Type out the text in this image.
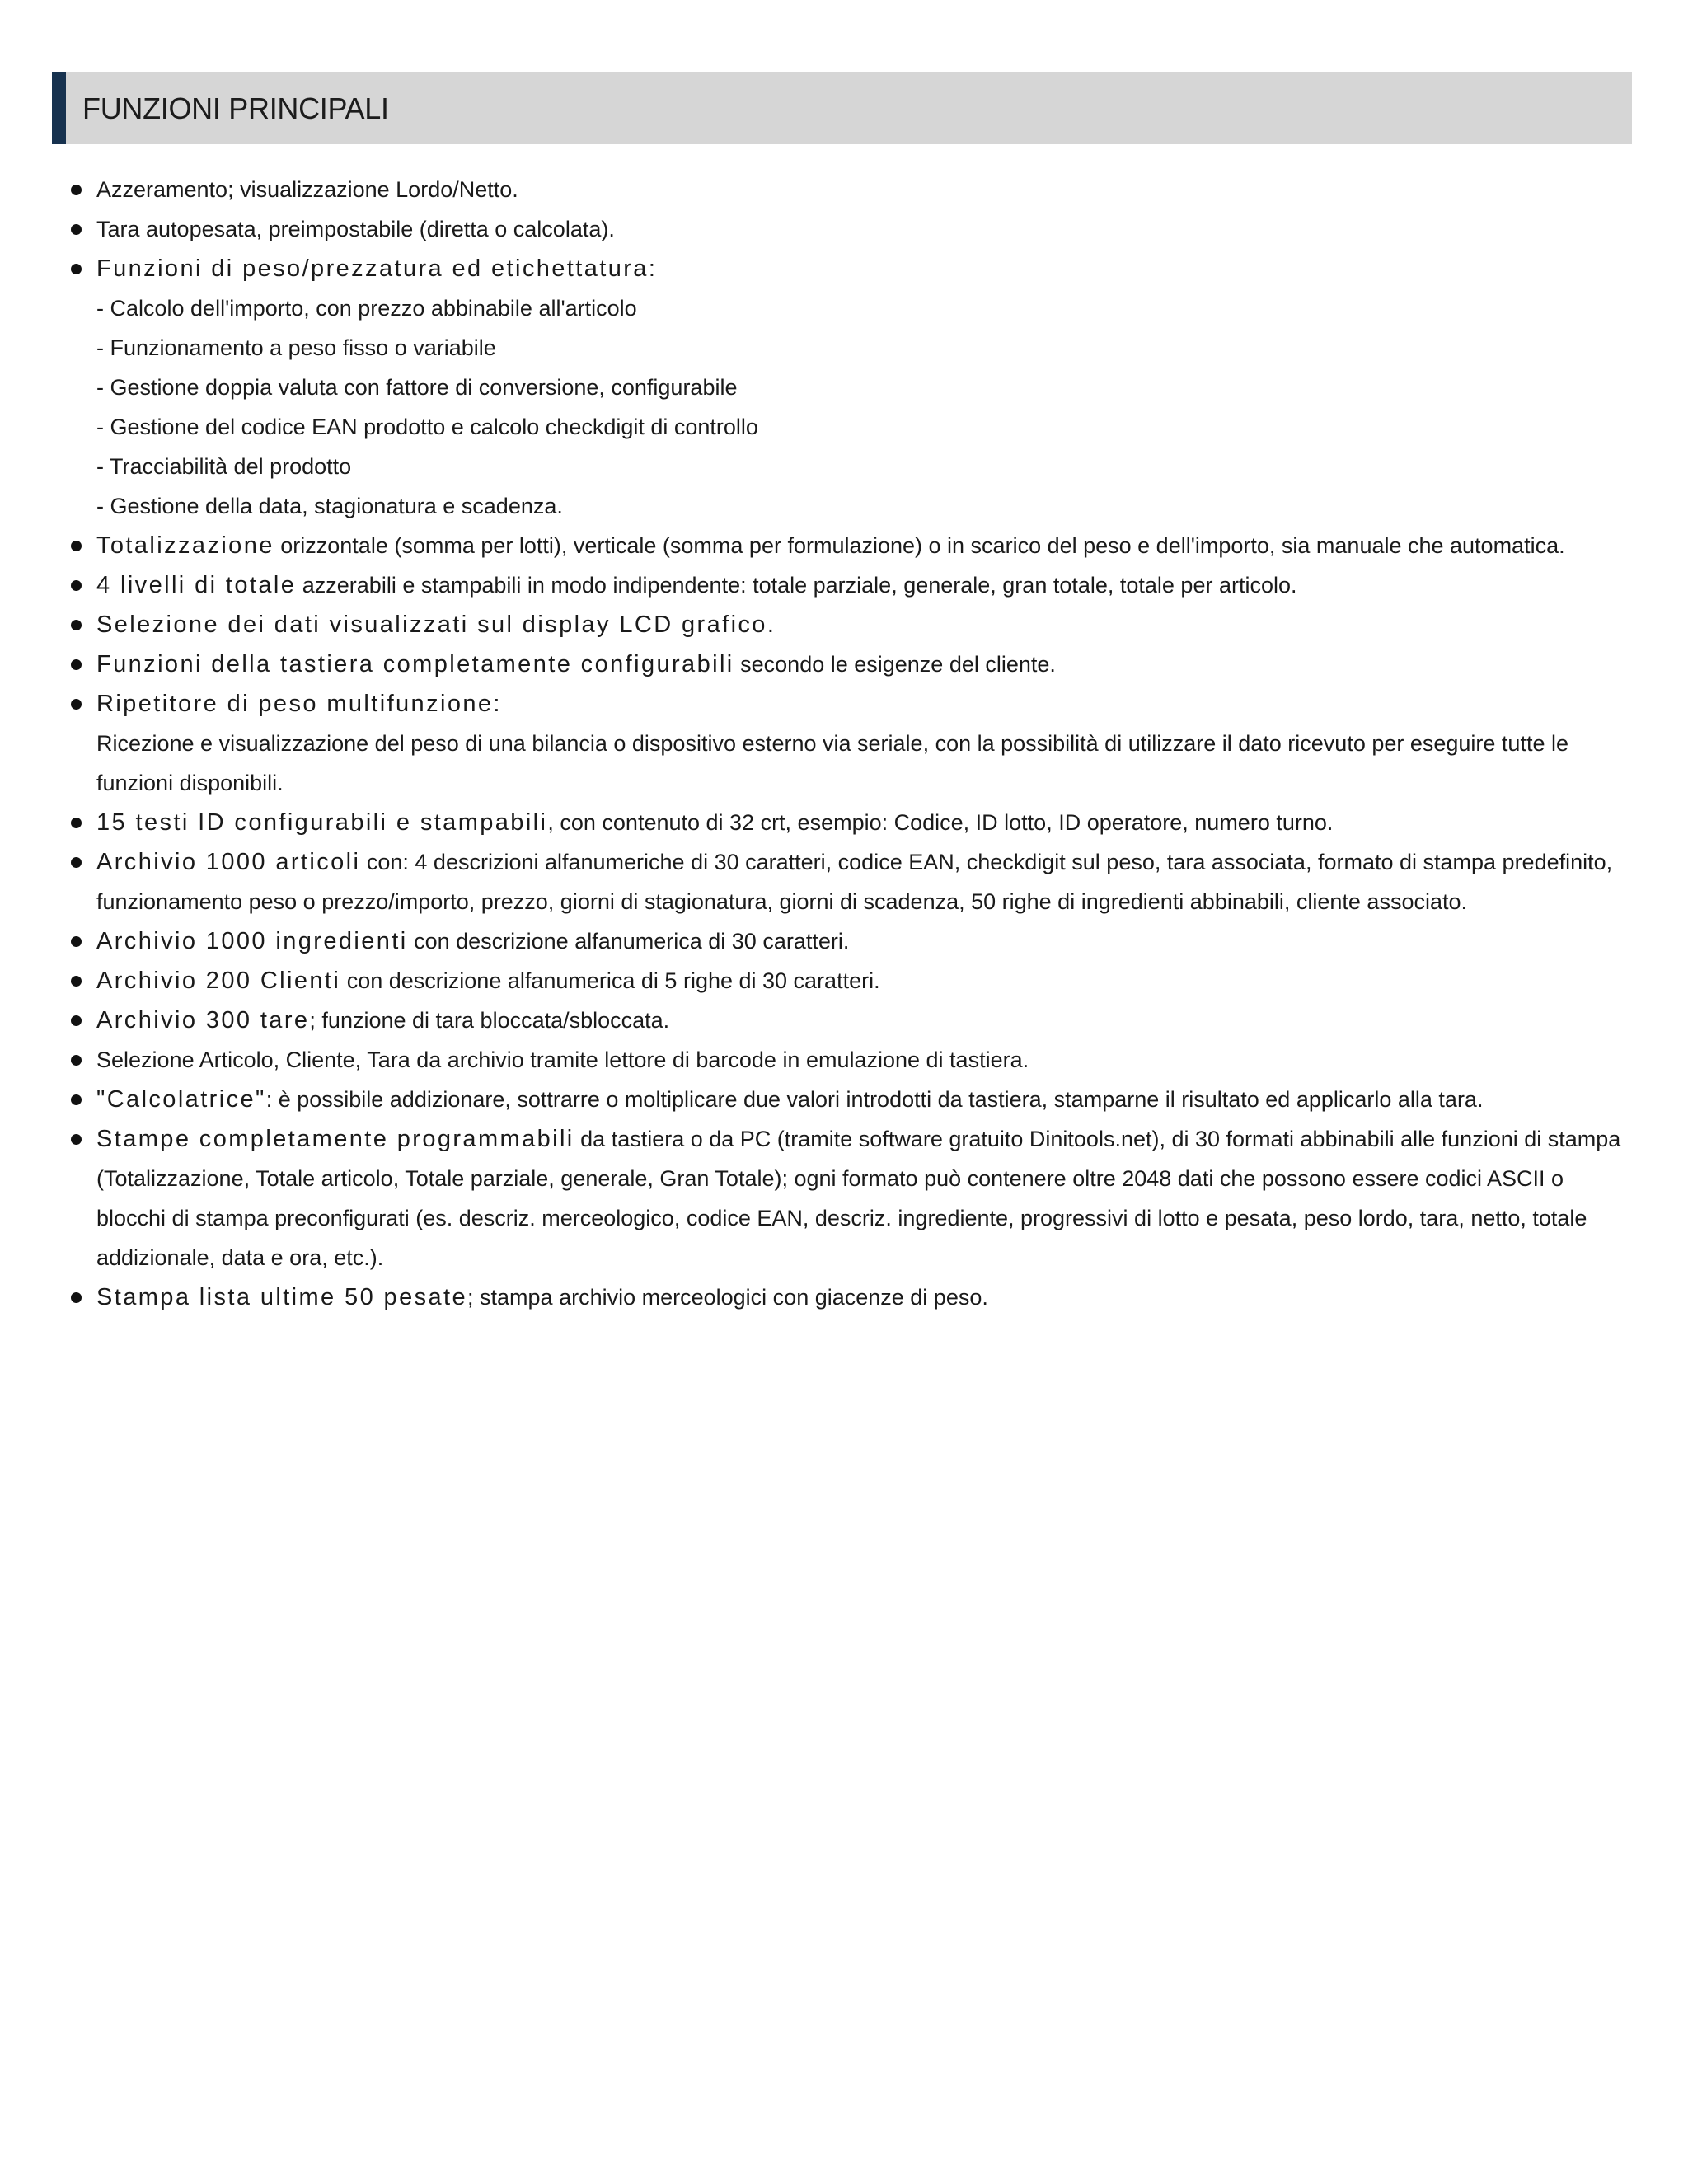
FUNZIONI PRINCIPALI
Azzeramento; visualizzazione Lordo/Netto.
Tara autopesata, preimpostabile (diretta o calcolata).
Funzioni di peso/prezzatura ed etichettatura:
- Calcolo dell'importo, con prezzo abbinabile all'articolo
- Funzionamento a peso fisso o variabile
- Gestione doppia valuta con fattore di conversione, configurabile
- Gestione del codice EAN prodotto e calcolo checkdigit di controllo
- Tracciabilità del prodotto
- Gestione della data, stagionatura e scadenza.
Totalizzazione orizzontale (somma per lotti), verticale (somma per formulazione) o in scarico del peso e dell'importo, sia manuale che automatica.
4 livelli di totale azzerabili e stampabili in modo indipendente: totale parziale, generale, gran totale, totale per articolo.
Selezione dei dati visualizzati sul display LCD grafico.
Funzioni della tastiera completamente configurabili secondo le esigenze del cliente.
Ripetitore di peso multifunzione:
Ricezione e visualizzazione del peso di una bilancia o dispositivo esterno via seriale, con la possibilità di utilizzare il dato ricevuto per eseguire tutte le funzioni disponibili.
15 testi ID configurabili e stampabili, con contenuto di 32 crt, esempio: Codice, ID lotto, ID operatore, numero turno.
Archivio 1000 articoli con: 4 descrizioni alfanumeriche di 30 caratteri, codice EAN, checkdigit sul peso, tara associata, formato di stampa predefinito, funzionamento peso o prezzo/importo, prezzo, giorni di stagionatura, giorni di scadenza, 50 righe di ingredienti abbinabili, cliente associato.
Archivio 1000 ingredienti con descrizione alfanumerica di 30 caratteri.
Archivio 200 Clienti con descrizione alfanumerica di 5 righe di 30 caratteri.
Archivio 300 tare; funzione di tara bloccata/sbloccata.
Selezione Articolo, Cliente, Tara da archivio tramite lettore di barcode in emulazione di tastiera.
"Calcolatrice": è possibile addizionare, sottrarre o moltiplicare due valori introdotti da tastiera, stamparne il risultato ed applicarlo alla tara.
Stampe completamente programmabili da tastiera o da PC (tramite software gratuito Dinitools.net), di 30 formati abbinabili alle funzioni di stampa (Totalizzazione, Totale articolo, Totale parziale, generale, Gran Totale); ogni formato può contenere oltre 2048 dati che possono essere codici ASCII o blocchi di stampa preconfigurati (es. descriz. merceologico, codice EAN, descriz. ingrediente, progressivi di lotto e pesata, peso lordo, tara, netto, totale addizionale, data e ora, etc.).
Stampa lista ultime 50 pesate; stampa archivio merceologici con giacenze di peso.
